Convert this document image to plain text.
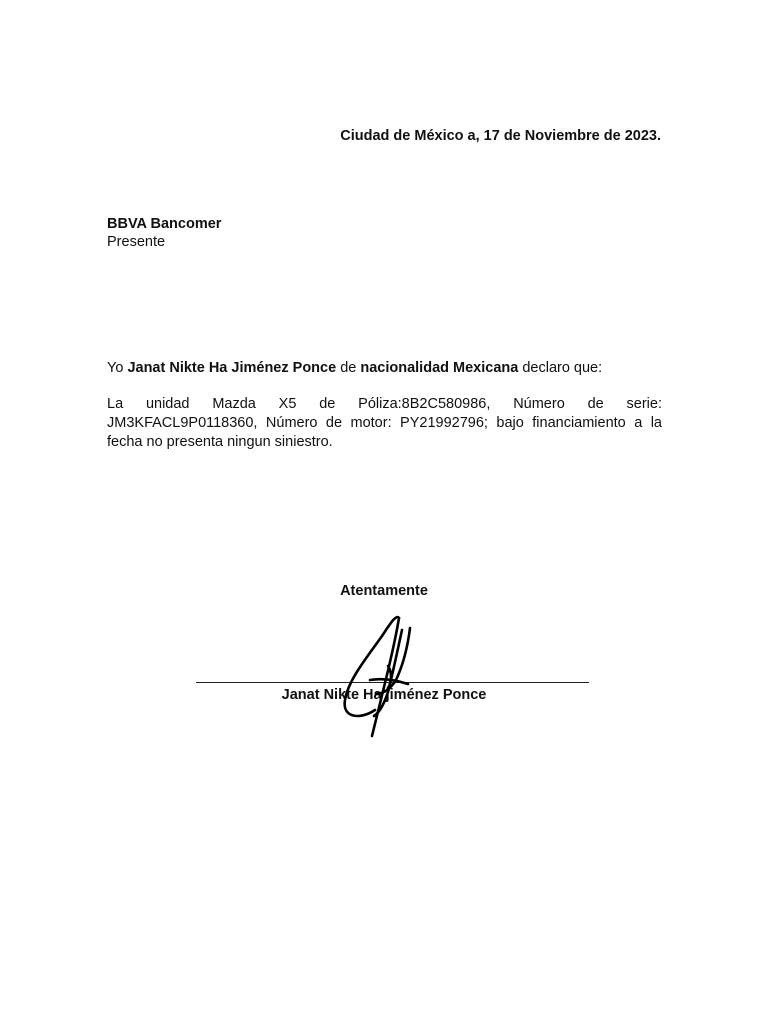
Ciudad de México a, 17 de Noviembre de 2023.
BBVA Bancomer
Presente
Yo Janat Nikte Ha Jiménez Ponce de nacionalidad Mexicana declaro que:
La unidad Mazda X5 de Póliza:8B2C580986, Número de serie: JM3KFACL9P0118360, Número de motor: PY21992796; bajo financiamiento a la fecha no presenta ningun siniestro.
Atentamente
Janat Nikte Ha jiménez Ponce
